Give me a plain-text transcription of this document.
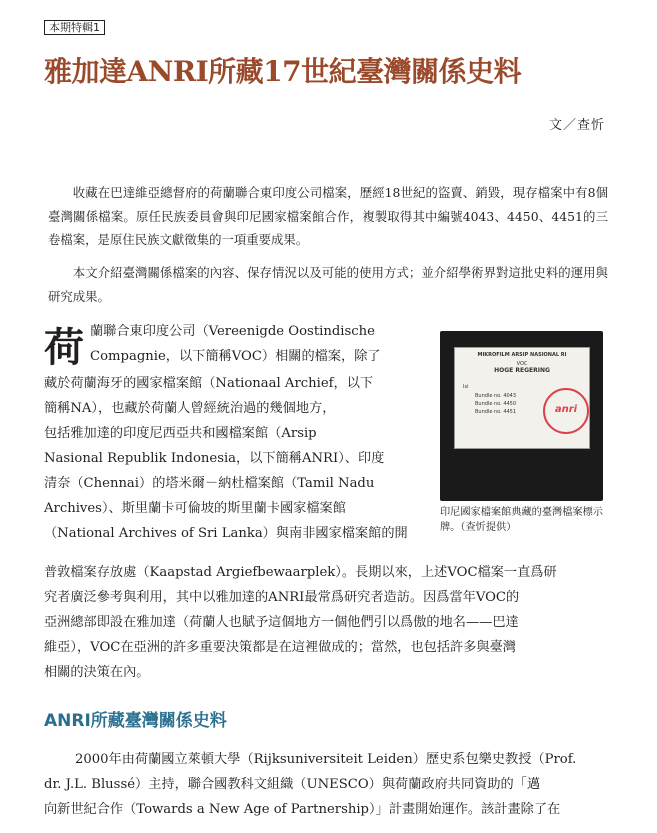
本期特輯1
雅加達ANRI所藏17世紀臺灣關係史料
文／查忻

收藏在巴達維亞總督府的荷蘭聯合東印度公司檔案，歷經18世紀的盜賣、銷毀，現存檔案中有8個臺灣關係檔案。原任民族委員會與印尼國家檔案館合作，複製取得其中編號4043、4450、4451的三卷檔案，是原住民族文獻徵集的一項重要成果。

本文介紹臺灣關係檔案的內容、保存情況以及可能的使用方式；並介紹學術界對這批史料的運用與研究成果。

荷 蘭聯合東印度公司（Vereenigde Oostindische
Compagnie，以下簡稱VOC）相關的檔案，除了
藏於荷蘭海牙的國家檔案館（Nationaal Archief，以下
簡稱NA），也藏於荷蘭人曾經統治過的幾個地方，
包括雅加達的印度尼西亞共和國檔案館（Arsip
Nasional Republik Indonesia，以下簡稱ANRI）、印度
清奈（Chennai）的塔米爾－納杜檔案館（Tamil Nadu
Archives）、斯里蘭卡可倫坡的斯里蘭卡國家檔案館
（National Archives of Sri Lanka）與南非國家檔案館的開
MIKROFILM ARSIP NASIONAL RI
VOC
HOGE REGERING
Isi
Bundle no. 4043
Bundle no. 4450
Bundle no. 4451	anri
印尼國家檔案館典藏的臺灣檔案標示牌。（查忻提供）
普敦檔案存放處（Kaapstad Argiefbewaarplek）。長期以來，上述VOC檔案一直爲研
究者廣泛參考與利用，其中以雅加達的ANRI最常爲研究者造訪。因爲當年VOC的
亞洲總部即設在雅加達（荷蘭人也賦予這個地方一個他們引以爲傲的地名——巴達
維亞），VOC在亞洲的許多重要決策都是在這裡做成的；當然，也包括許多與臺灣
相關的決策在內。
ANRI所藏臺灣關係史料
2000年由荷蘭國立萊頓大學（Rijksuniversiteit Leiden）歷史系包樂史教授（Prof.
dr. J.L. Blussé）主持，聯合國教科文組織（UNESCO）與荷蘭政府共同資助的「邁
向新世紀合作（Towards a New Age of Partnership）」計畫開始運作。該計畫除了在
